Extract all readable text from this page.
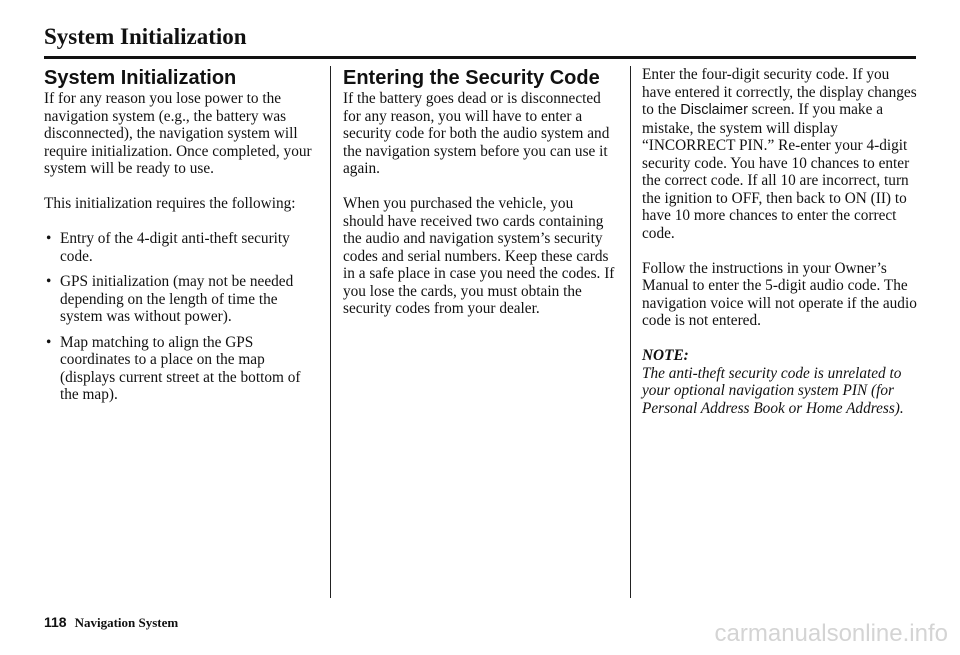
System Initialization
System Initialization

If for any reason you lose power to the navigation system (e.g., the battery was disconnected), the navigation system will require initialization. Once completed, your system will be ready to use.

This initialization requires the following:

• Entry of the 4-digit anti-theft security code.
• GPS initialization (may not be needed depending on the length of time the system was without power).
• Map matching to align the GPS coordinates to a place on the map (displays current street at the bottom of the map).
Entering the Security Code

If the battery goes dead or is disconnected for any reason, you will have to enter a security code for both the audio system and the navigation system before you can use it again.

When you purchased the vehicle, you should have received two cards containing the audio and navigation system’s security codes and serial numbers. Keep these cards in a safe place in case you need the codes. If you lose the cards, you must obtain the security codes from your dealer.

Enter the four-digit security code. If you have entered it correctly, the display changes to the Disclaimer screen. If you make a mistake, the system will display “INCORRECT PIN.” Re-enter your 4-digit security code. You have 10 chances to enter the correct code. If all 10 are incorrect, turn the ignition to OFF, then back to ON (II) to have 10 more chances to enter the correct code.

Follow the instructions in your Owner’s Manual to enter the 5-digit audio code. The navigation voice will not operate if the audio code is not entered.

NOTE:
The anti-theft security code is unrelated to your optional navigation system PIN (for Personal Address Book or Home Address).
118 Navigation System	carmanualsonline.info
